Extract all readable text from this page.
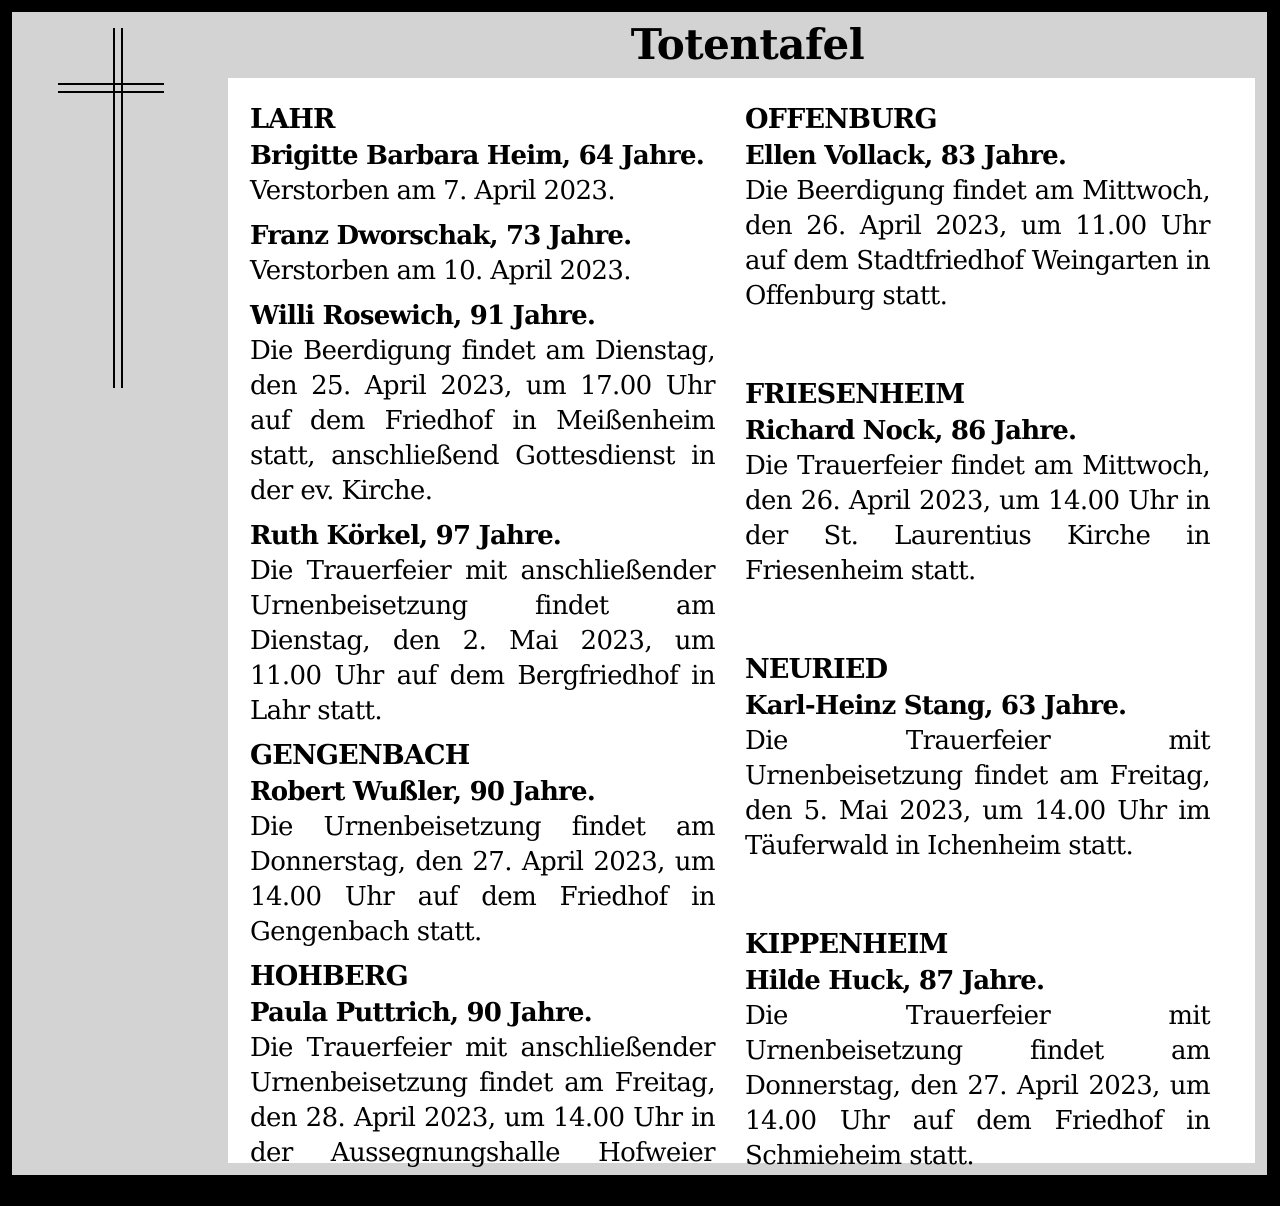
Totentafel
LAHR
Brigitte Barbara Heim, 64 Jahre.
Verstorben am 7. April 2023.
Franz Dworschak, 73 Jahre.
Verstorben am 10. April 2023.
Willi Rosewich, 91 Jahre.
Die Beerdigung findet am Dienstag, den 25. April 2023, um 17.00 Uhr auf dem Friedhof in Meißenheim statt, anschließend Gottesdienst in der ev. Kirche.
Ruth Körkel, 97 Jahre.
Die Trauerfeier mit anschließender Urnenbeisetzung findet am Dienstag, den 2. Mai 2023, um 11.00 Uhr auf dem Bergfriedhof in Lahr statt.
GENGENBACH
Robert Wußler, 90 Jahre.
Die Urnenbeisetzung findet am Donnerstag, den 27. April 2023, um 14.00 Uhr auf dem Friedhof in Gengenbach statt.
HOHBERG
Paula Puttrich, 90 Jahre.
Die Trauerfeier mit anschließender Urnenbeisetzung findet am Freitag, den 28. April 2023, um 14.00 Uhr in der Aussegnungshalle Hofweier statt.
OFFENBURG
Ellen Vollack, 83 Jahre.
Die Beerdigung findet am Mittwoch, den 26. April 2023, um 11.00 Uhr auf dem Stadtfriedhof Weingarten in Offenburg statt.
FRIESENHEIM
Richard Nock, 86 Jahre.
Die Trauerfeier findet am Mittwoch, den 26. April 2023, um 14.00 Uhr in der St. Laurentius Kirche in Friesenheim statt.
NEURIED
Karl-Heinz Stang, 63 Jahre.
Die Trauerfeier mit Urnenbeisetzung findet am Freitag, den 5. Mai 2023, um 14.00 Uhr im Täuferwald in Ichenheim statt.
KIPPENHEIM
Hilde Huck, 87 Jahre.
Die Trauerfeier mit Urnenbeisetzung findet am Donnerstag, den 27. April 2023, um 14.00 Uhr auf dem Friedhof in Schmieheim statt.
